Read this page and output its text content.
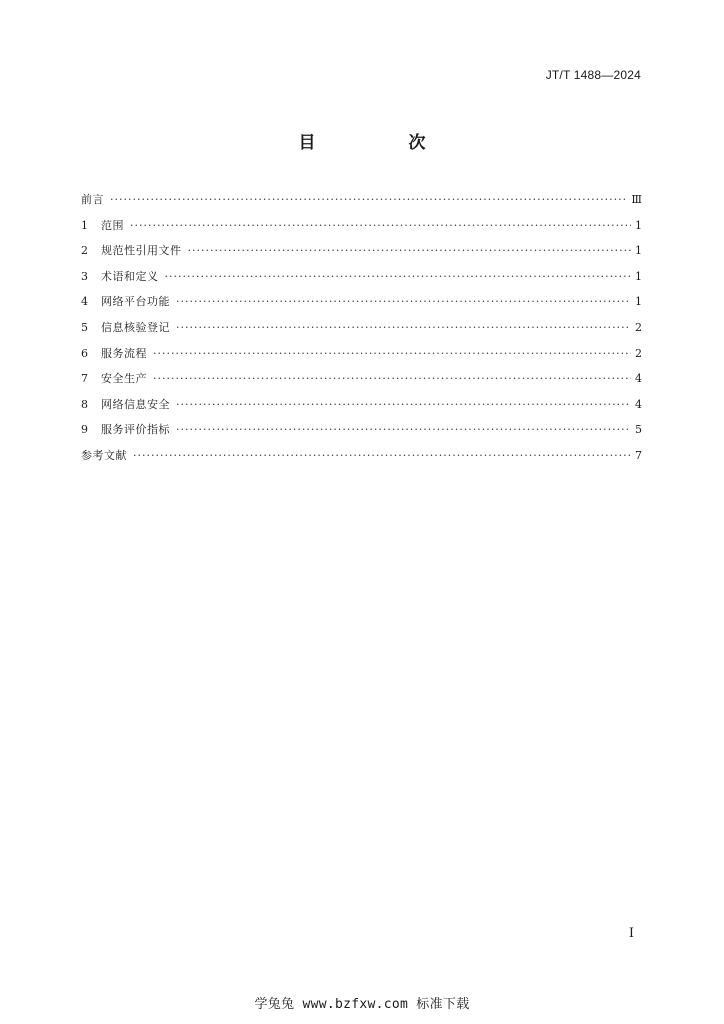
JT/T 1488—2024
目　次
前言 ·····	Ⅲ
1	范围 ·····	1
2	规范性引用文件 ·····	1
3	术语和定义 ·····	1
4	网络平台功能 ·····	1
5	信息核验登记 ·····	2
6	服务流程 ·····	2
7	安全生产 ·····	4
8	网络信息安全 ·····	4
9	服务评价指标 ·····	5
参考文献 ·····	7
I
学兔兔 www.bzfxw.com 标准下载
